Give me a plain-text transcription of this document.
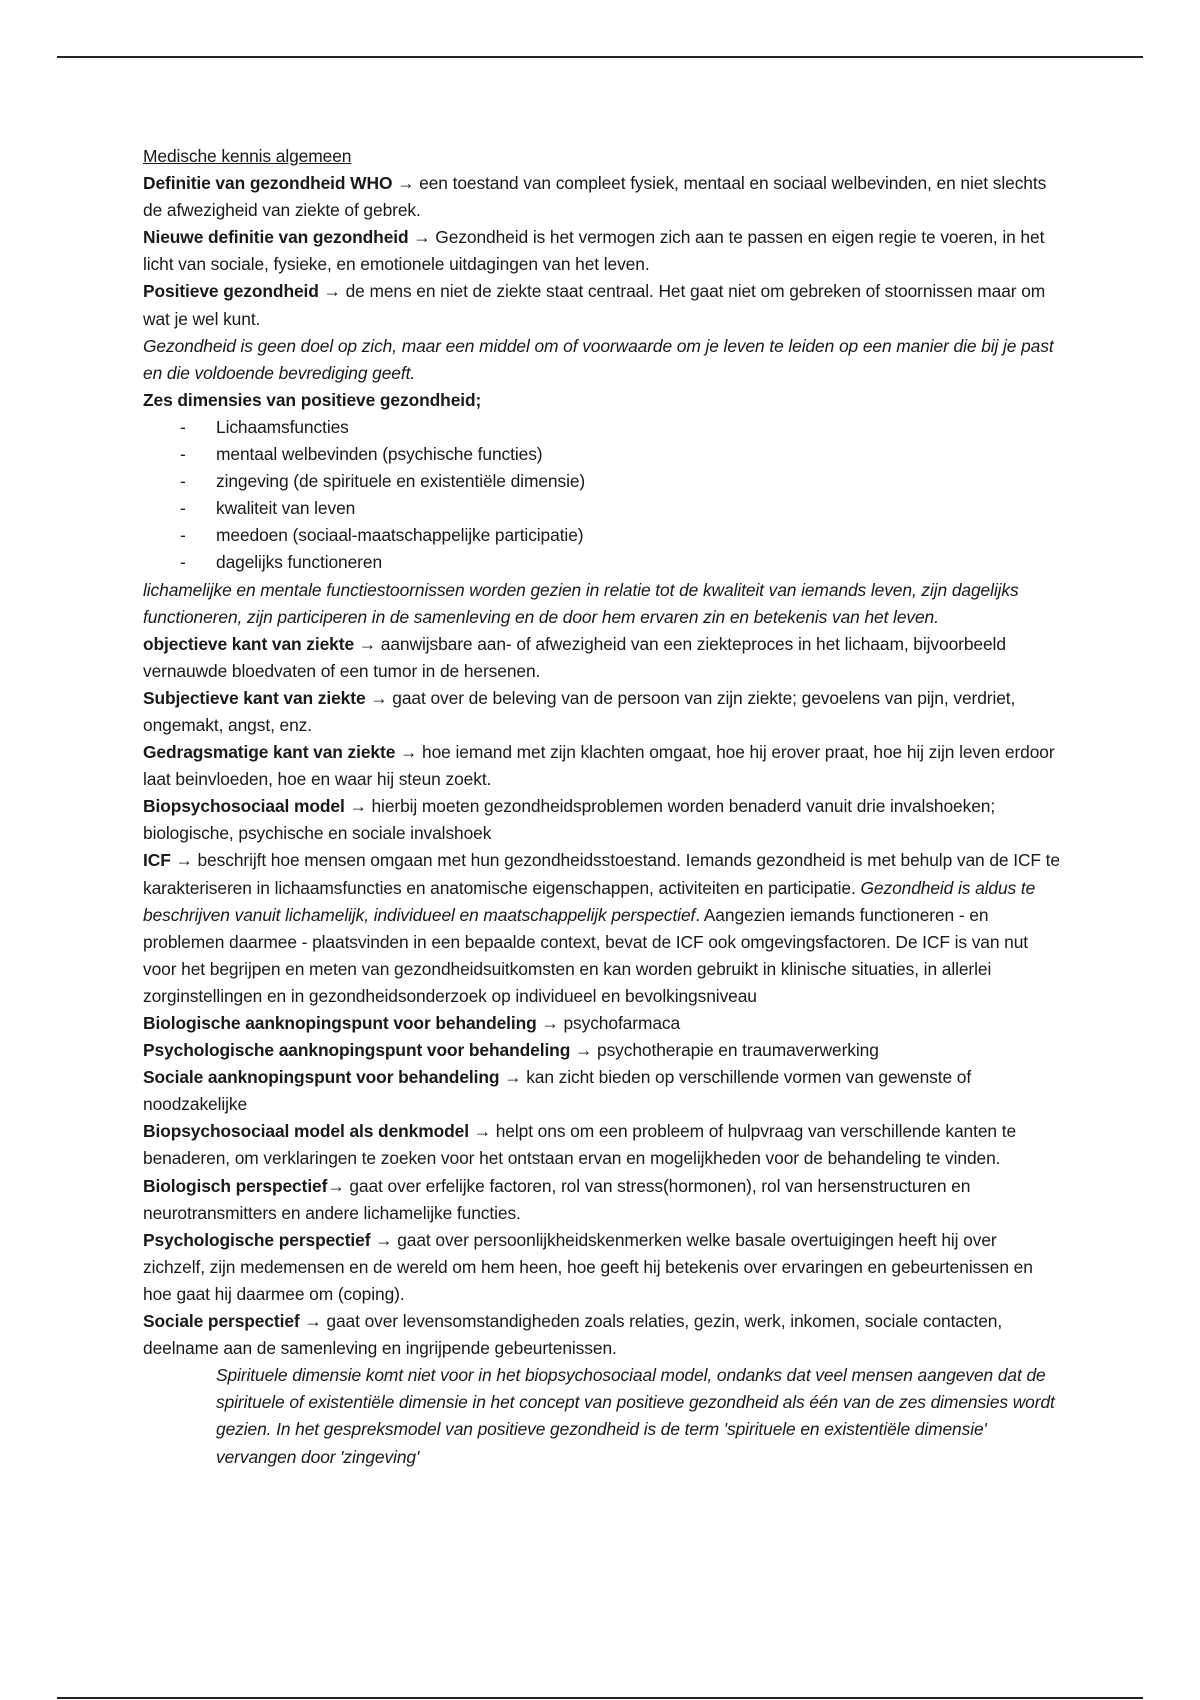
Medische kennis algemeen

Definitie van gezondheid WHO → een toestand van compleet fysiek, mentaal en sociaal welbevinden, en niet slechts de afwezigheid van ziekte of gebrek.

Nieuwe definitie van gezondheid → Gezondheid is het vermogen zich aan te passen en eigen regie te voeren, in het licht van sociale, fysieke, en emotionele uitdagingen van het leven.

Positieve gezondheid → de mens en niet de ziekte staat centraal. Het gaat niet om gebreken of stoornissen maar om wat je wel kunt.

Gezondheid is geen doel op zich, maar een middel om of voorwaarde om je leven te leiden op een manier die bij je past en die voldoende bevrediging geeft.

Zes dimensies van positieve gezondheid;

- Lichaamsfuncties
- mentaal welbevinden (psychische functies)
- zingeving (de spirituele en existentiële dimensie)
- kwaliteit van leven
- meedoen (sociaal-maatschappelijke participatie)
- dagelijks functioneren

lichamelijke en mentale functiestoornissen worden gezien in relatie tot de kwaliteit van iemands leven, zijn dagelijks functioneren, zijn participeren in de samenleving en de door hem ervaren zin en betekenis van het leven.

objectieve kant van ziekte → aanwijsbare aan- of afwezigheid van een ziekteproces in het lichaam, bijvoorbeeld vernauwde bloedvaten of een tumor in de hersenen.

Subjectieve kant van ziekte → gaat over de beleving van de persoon van zijn ziekte; gevoelens van pijn, verdriet, ongemakt, angst, enz.

Gedragsmatige kant van ziekte → hoe iemand met zijn klachten omgaat, hoe hij erover praat, hoe hij zijn leven erdoor laat beinvloeden, hoe en waar hij steun zoekt.

Biopsychosociaal model → hierbij moeten gezondheidsproblemen worden benaderd vanuit drie invalshoeken; biologische, psychische en sociale invalshoek

ICF → beschrijft hoe mensen omgaan met hun gezondheidsstoestand. Iemands gezondheid is met behulp van de ICF te karakteriseren in lichaamsfuncties en anatomische eigenschappen, activiteiten en participatie. Gezondheid is aldus te beschrijven vanuit lichamelijk, individueel en maatschappelijk perspectief. Aangezien iemands functioneren - en problemen daarmee - plaatsvinden in een bepaalde context, bevat de ICF ook omgevingsfactoren. De ICF is van nut voor het begrijpen en meten van gezondheidsuitkomsten en kan worden gebruikt in klinische situaties, in allerlei zorginstellingen en in gezondheidsonderzoek op individueel en bevolkingsniveau

Biologische aanknopingspunt voor behandeling → psychofarmaca

Psychologische aanknopingspunt voor behandeling → psychotherapie en traumaverwerking

Sociale aanknopingspunt voor behandeling → kan zicht bieden op verschillende vormen van gewenste of noodzakelijke

Biopsychosociaal model als denkmodel → helpt ons om een probleem of hulpvraag van verschillende kanten te benaderen, om verklaringen te zoeken voor het ontstaan ervan en mogelijkheden voor de behandeling te vinden.

Biologisch perspectief→ gaat over erfelijke factoren, rol van stress(hormonen), rol van hersenstructuren en neurotransmitters en andere lichamelijke functies.

Psychologische perspectief → gaat over persoonlijkheidskenmerken welke basale overtuigingen heeft hij over zichzelf, zijn medemensen en de wereld om hem heen, hoe geeft hij betekenis over ervaringen en gebeurtenissen en hoe gaat hij daarmee om (coping).

Sociale perspectief → gaat over levensomstandigheden zoals relaties, gezin, werk, inkomen, sociale contacten, deelname aan de samenleving en ingrijpende gebeurtenissen.

Spirituele dimensie komt niet voor in het biopsychosociaal model, ondanks dat veel mensen aangeven dat de spirituele of existentiële dimensie in het concept van positieve gezondheid als één van de zes dimensies wordt gezien. In het gespreksmodel van positieve gezondheid is de term 'spirituele en existentiële dimensie' vervangen door 'zingeving'
